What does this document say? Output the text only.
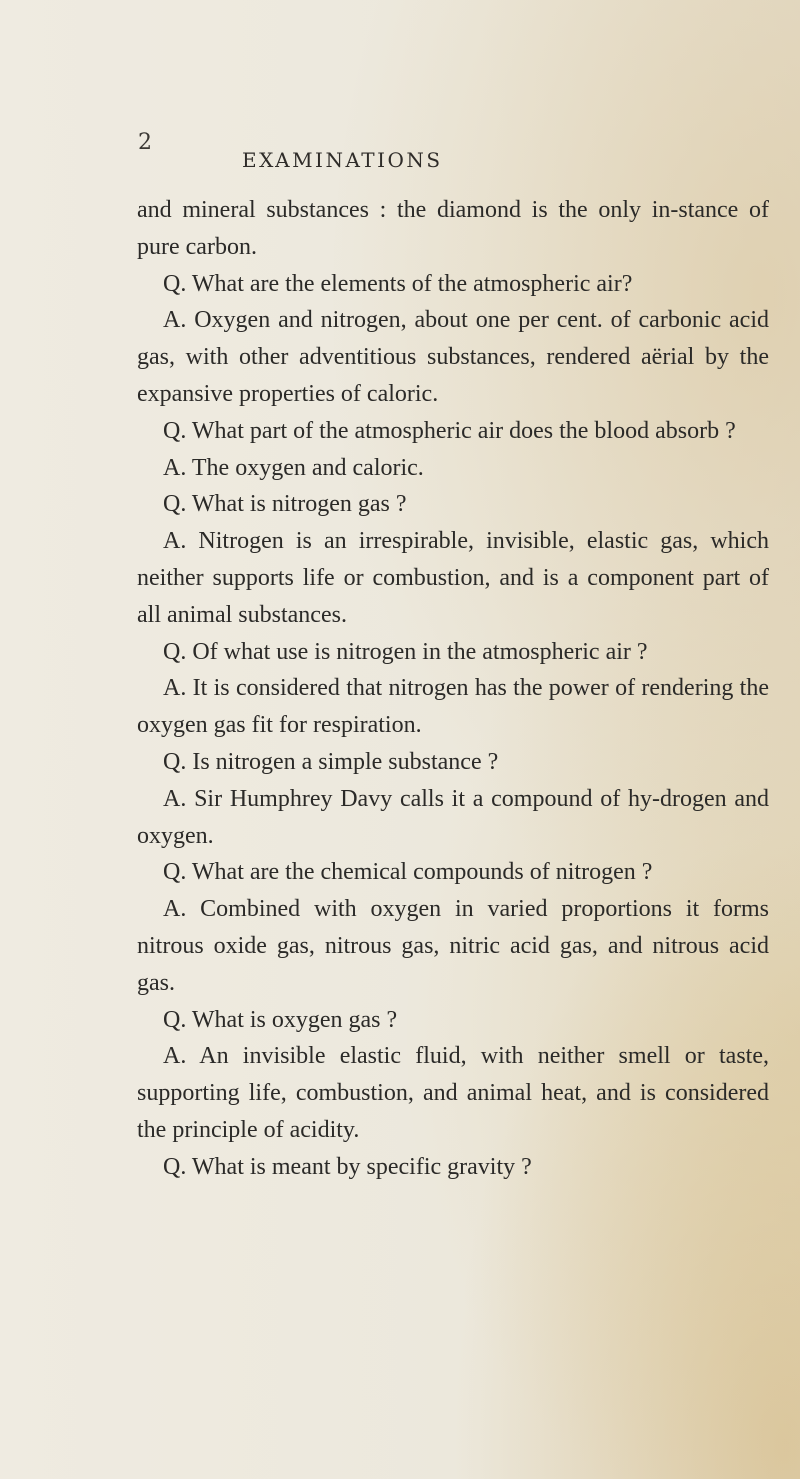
2
EXAMINATIONS

and mineral substances : the diamond is the only in-stance of pure carbon.

Q. What are the elements of the atmospheric air?

A. Oxygen and nitrogen, about one per cent. of carbonic acid gas, with other adventitious substances, rendered aërial by the expansive properties of caloric.

Q. What part of the atmospheric air does the blood absorb ?

A. The oxygen and caloric.

Q. What is nitrogen gas ?

A. Nitrogen is an irrespirable, invisible, elastic gas, which neither supports life or combustion, and is a component part of all animal substances.

Q. Of what use is nitrogen in the atmospheric air ?

A. It is considered that nitrogen has the power of rendering the oxygen gas fit for respiration.

Q. Is nitrogen a simple substance ?

A. Sir Humphrey Davy calls it a compound of hy-drogen and oxygen.

Q. What are the chemical compounds of nitrogen ?

A. Combined with oxygen in varied proportions it forms nitrous oxide gas, nitrous gas, nitric acid gas, and nitrous acid gas.

Q. What is oxygen gas ?

A. An invisible elastic fluid, with neither smell or taste, supporting life, combustion, and animal heat, and is considered the principle of acidity.

Q. What is meant by specific gravity ?
